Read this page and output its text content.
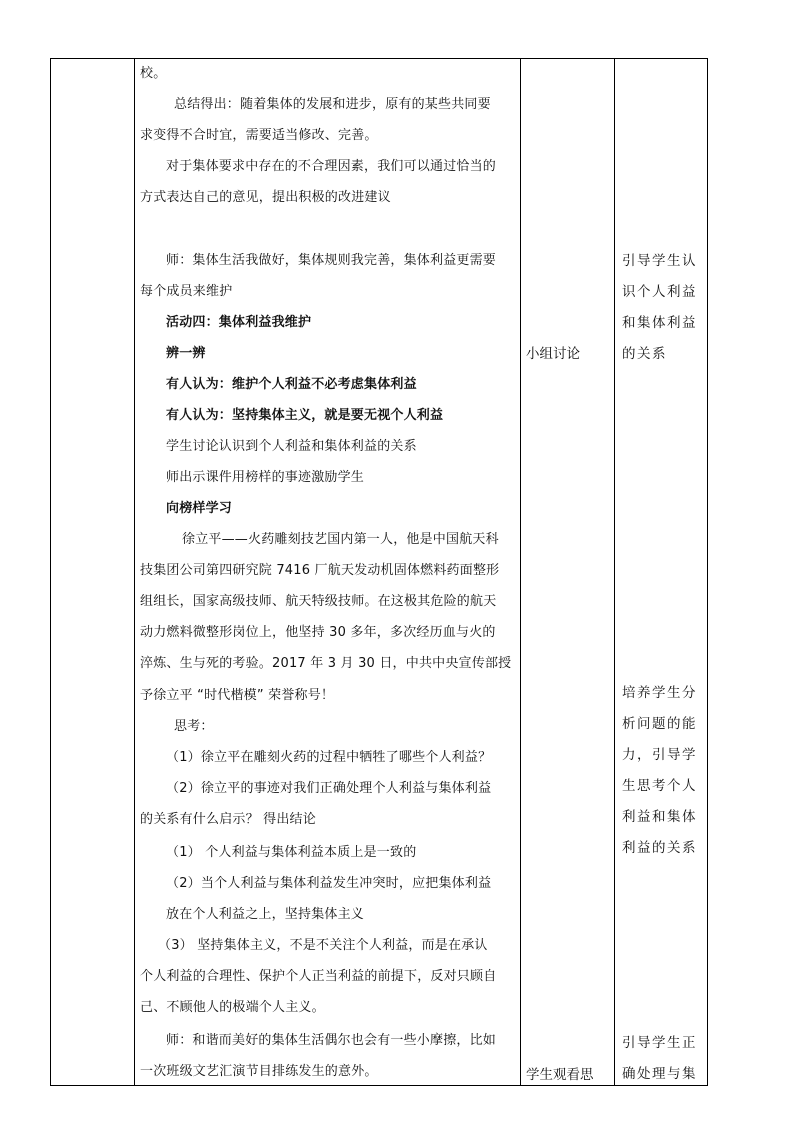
校。
总结得出：随着集体的发展和进步，原有的某些共同要
求变得不合时宜，需要适当修改、完善。
对于集体要求中存在的不合理因素，我们可以通过恰当的
方式表达自己的意见，提出积极的改进建议
师：集体生活我做好，集体规则我完善，集体利益更需要
每个成员来维护
活动四：集体利益我维护
辨一辨
有人认为：维护个人利益不必考虑集体利益
有人认为：坚持集体主义，就是要无视个人利益
学生讨论认识到个人利益和集体利益的关系
师出示课件用榜样的事迹激励学生
向榜样学习
徐立平——火药雕刻技艺国内第一人，他是中国航天科
技集团公司第四研究院 7416 厂航天发动机固体燃料药面整形
组组长，国家高级技师、航天特级技师。在这极其危险的航天
动力燃料微整形岗位上，他坚持 30 多年，多次经历血与火的
淬炼、生与死的考验。2017 年 3 月 30 日，中共中央宣传部授
予徐立平 “时代楷模” 荣誉称号！
思考：
（1）徐立平在雕刻火药的过程中牺牲了哪些个人利益？
（2）徐立平的事迹对我们正确处理个人利益与集体利益
的关系有什么启示？ 得出结论
（1） 个人利益与集体利益本质上是一致的
（2）当个人利益与集体利益发生冲突时，应把集体利益
放在个人利益之上，坚持集体主义
（3） 坚持集体主义，不是不关注个人利益，而是在承认
个人利益的合理性、保护个人正当利益的前提下，反对只顾自
己、不顾他人的极端个人主义。
师：和谐而美好的集体生活偶尔也会有一些小摩擦，比如
一次班级文艺汇演节目排练发生的意外。
小组讨论
学生观看思
引导学生认识个人利益和集体利益的关系
培养学生分析问题的能力，引导学生思考个人利益和集体利益的关系
引导学生正确处理与集
